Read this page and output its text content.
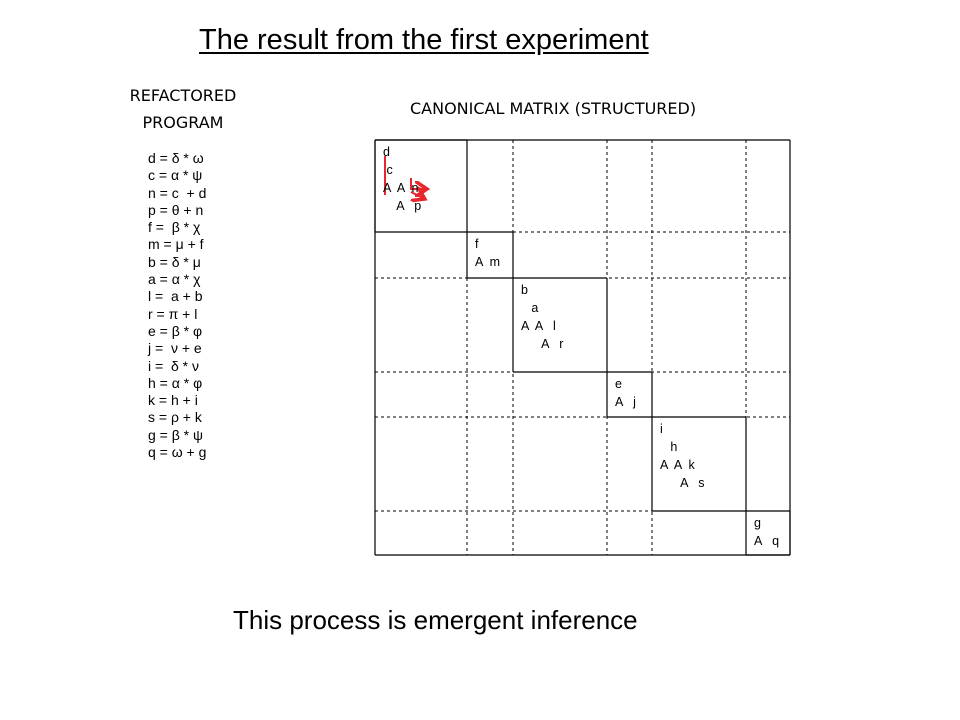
The result from the first experiment
REFACTORED
PROGRAM
CANONICAL MATRIX (STRUCTURED)
d = δ * ω
c = α * ψ
n = c  + d
p = θ + n
f =  β * χ
m = μ + f
b = δ * μ
a = α * χ
l =  a + b
r = π + l
e = β * φ
j =  ν + e
i =  δ * ν
h = α * φ
k = h + i
s = ρ + k
g = β * ψ
q = ω + g
d
c
A  A  n
A   p
f
A  m
b
a
A  A   l
A   r
e
A   j
i
h
A  A  k
A   s
g
A   q
This process is emergent inference
